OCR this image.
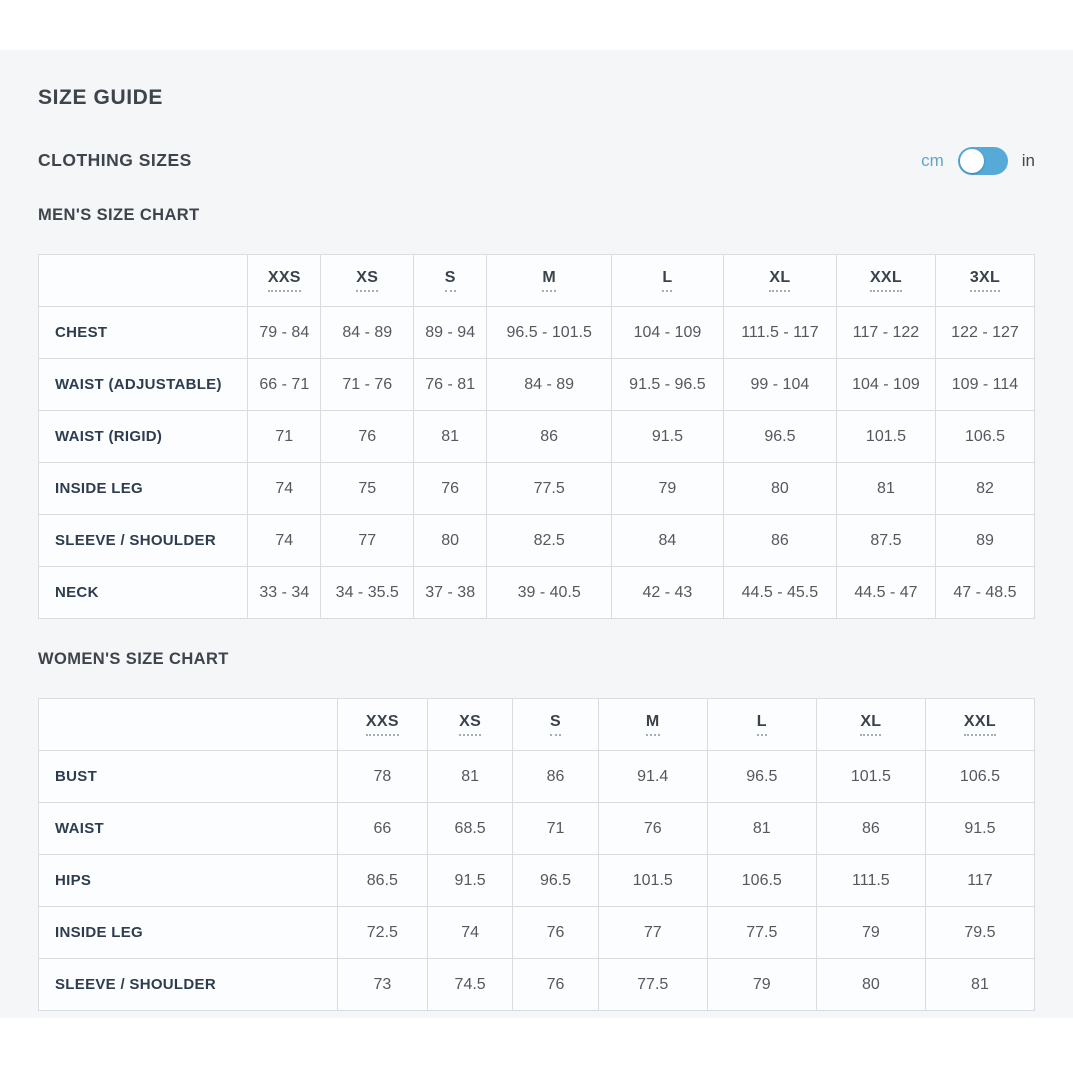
SIZE GUIDE
CLOTHING SIZES	cm	in
MEN'S SIZE CHART
	XXS	XS	S	M	L	XL	XXL	3XL
CHEST	79 - 84	84 - 89	89 - 94	96.5 - 101.5	104 - 109	111.5 - 117	117 - 122	122 - 127
WAIST (ADJUSTABLE)	66 - 71	71 - 76	76 - 81	84 - 89	91.5 - 96.5	99 - 104	104 - 109	109 - 114
WAIST (RIGID)	71	76	81	86	91.5	96.5	101.5	106.5
INSIDE LEG	74	75	76	77.5	79	80	81	82
SLEEVE / SHOULDER	74	77	80	82.5	84	86	87.5	89
NECK	33 - 34	34 - 35.5	37 - 38	39 - 40.5	42 - 43	44.5 - 45.5	44.5 - 47	47 - 48.5
WOMEN'S SIZE CHART
	XXS	XS	S	M	L	XL	XXL
BUST	78	81	86	91.4	96.5	101.5	106.5
WAIST	66	68.5	71	76	81	86	91.5
HIPS	86.5	91.5	96.5	101.5	106.5	111.5	117
INSIDE LEG	72.5	74	76	77	77.5	79	79.5
SLEEVE / SHOULDER	73	74.5	76	77.5	79	80	81
